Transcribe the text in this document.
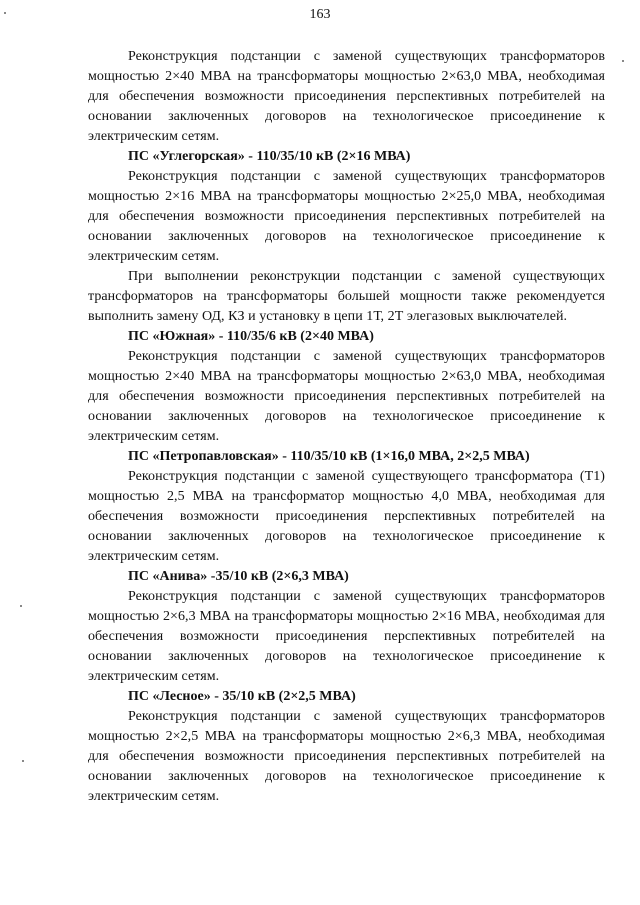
163

Реконструкция подстанции с заменой существующих трансформаторов мощностью 2×40 МВА на трансформаторы мощностью 2×63,0 МВА, необходимая для обеспечения возможности присоединения перспективных потребителей на основании заключенных договоров на технологическое присоединение к электрическим сетям.

ПС «Углегорская» - 110/35/10 кВ (2×16 МВА)

Реконструкция подстанции с заменой существующих трансформаторов мощностью 2×16 МВА на трансформаторы мощностью 2×25,0 МВА, необходимая для обеспечения возможности присоединения перспективных потребителей на основании заключенных договоров на технологическое присоединение к электрическим сетям.

При выполнении реконструкции подстанции с заменой существующих трансформаторов на трансформаторы большей мощности также рекомендуется выполнить замену ОД, КЗ и установку в цепи 1Т, 2Т элегазовых выключателей.

ПС «Южная» - 110/35/6 кВ (2×40 МВА)

Реконструкция подстанции с заменой существующих трансформаторов мощностью 2×40 МВА на трансформаторы мощностью 2×63,0 МВА, необходимая для обеспечения возможности присоединения перспективных потребителей на основании заключенных договоров на технологическое присоединение к электрическим сетям.

ПС «Петропавловская» - 110/35/10 кВ (1×16,0 МВА, 2×2,5 МВА)

Реконструкция подстанции с заменой существующего трансформатора (Т1) мощностью 2,5 МВА на трансформатор мощностью 4,0 МВА, необходимая для обеспечения возможности присоединения перспективных потребителей на основании заключенных договоров на технологическое присоединение к электрическим сетям.

ПС «Анива» -35/10 кВ (2×6,3 МВА)

Реконструкция подстанции с заменой существующих трансформаторов мощностью 2×6,3 МВА на трансформаторы мощностью 2×16 МВА, необходимая для обеспечения возможности присоединения перспективных потребителей на основании заключенных договоров на технологическое присоединение к электрическим сетям.

ПС «Лесное» - 35/10 кВ (2×2,5 МВА)

Реконструкция подстанции с заменой существующих трансформаторов мощностью 2×2,5 МВА на трансформаторы мощностью 2×6,3 МВА, необходимая для обеспечения возможности присоединения перспективных потребителей на основании заключенных договоров на технологическое присоединение к электрическим сетям.
